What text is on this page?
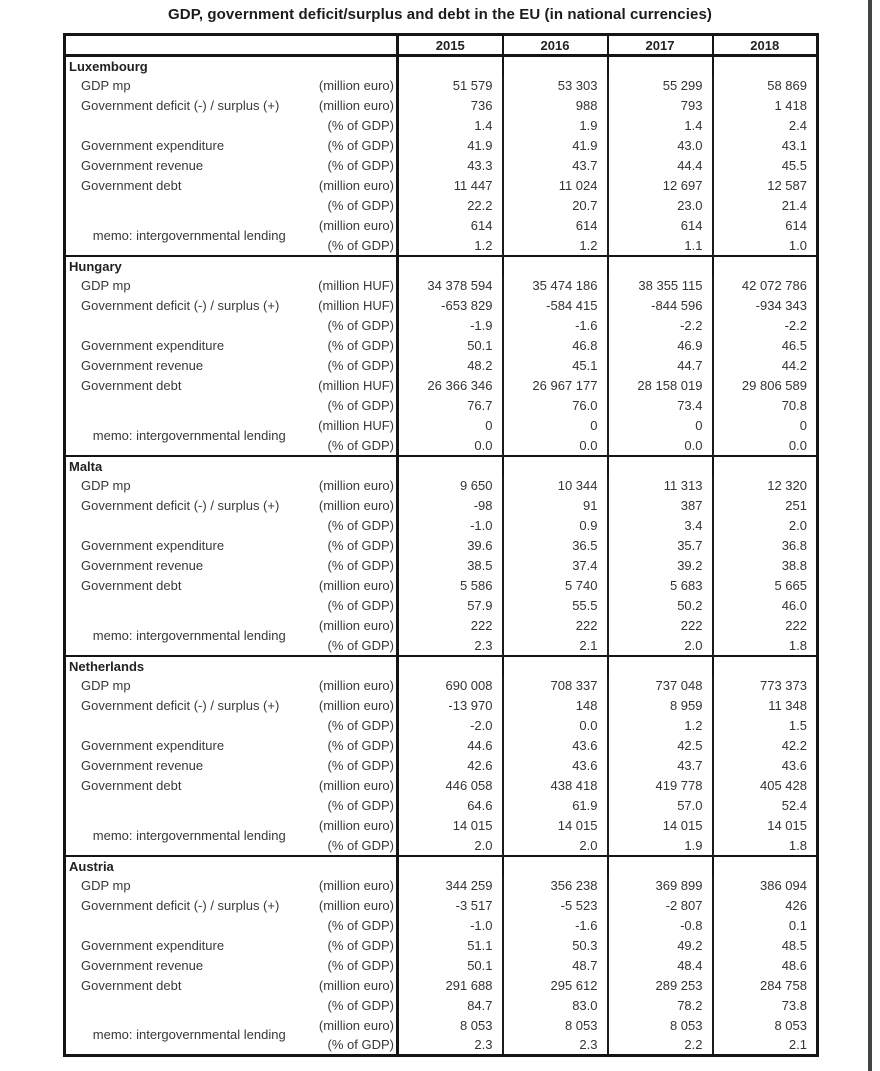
GDP, government deficit/surplus and debt in the EU (in national currencies)
		2015	2016	2017	2018
Luxembourg					
GDP mp	(million euro)	51 579	53 303	55 299	58 869
Government deficit (-) / surplus (+)	(million euro)	736	988	793	1 418
	(% of GDP)	1.4	1.9	1.4	2.4
Government expenditure	(% of GDP)	41.9	41.9	43.0	43.1
Government revenue	(% of GDP)	43.3	43.7	44.4	45.5
Government debt	(million euro)	11 447	11 024	12 697	12 587
	(% of GDP)	22.2	20.7	23.0	21.4
memo: intergovernmental lending	(million euro)	614	614	614	614
	(% of GDP)	1.2	1.2	1.1	1.0
Hungary					
GDP mp	(million HUF)	34 378 594	35 474 186	38 355 115	42 072 786
Government deficit (-) / surplus (+)	(million HUF)	-653 829	-584 415	-844 596	-934 343
	(% of GDP)	-1.9	-1.6	-2.2	-2.2
Government expenditure	(% of GDP)	50.1	46.8	46.9	46.5
Government revenue	(% of GDP)	48.2	45.1	44.7	44.2
Government debt	(million HUF)	26 366 346	26 967 177	28 158 019	29 806 589
	(% of GDP)	76.7	76.0	73.4	70.8
memo: intergovernmental lending	(million HUF)	0	0	0	0
	(% of GDP)	0.0	0.0	0.0	0.0
Malta					
GDP mp	(million euro)	9 650	10 344	11 313	12 320
Government deficit (-) / surplus (+)	(million euro)	-98	91	387	251
	(% of GDP)	-1.0	0.9	3.4	2.0
Government expenditure	(% of GDP)	39.6	36.5	35.7	36.8
Government revenue	(% of GDP)	38.5	37.4	39.2	38.8
Government debt	(million euro)	5 586	5 740	5 683	5 665
	(% of GDP)	57.9	55.5	50.2	46.0
memo: intergovernmental lending	(million euro)	222	222	222	222
	(% of GDP)	2.3	2.1	2.0	1.8
Netherlands					
GDP mp	(million euro)	690 008	708 337	737 048	773 373
Government deficit (-) / surplus (+)	(million euro)	-13 970	148	8 959	11 348
	(% of GDP)	-2.0	0.0	1.2	1.5
Government expenditure	(% of GDP)	44.6	43.6	42.5	42.2
Government revenue	(% of GDP)	42.6	43.6	43.7	43.6
Government debt	(million euro)	446 058	438 418	419 778	405 428
	(% of GDP)	64.6	61.9	57.0	52.4
memo: intergovernmental lending	(million euro)	14 015	14 015	14 015	14 015
	(% of GDP)	2.0	2.0	1.9	1.8
Austria					
GDP mp	(million euro)	344 259	356 238	369 899	386 094
Government deficit (-) / surplus (+)	(million euro)	-3 517	-5 523	-2 807	426
	(% of GDP)	-1.0	-1.6	-0.8	0.1
Government expenditure	(% of GDP)	51.1	50.3	49.2	48.5
Government revenue	(% of GDP)	50.1	48.7	48.4	48.6
Government debt	(million euro)	291 688	295 612	289 253	284 758
	(% of GDP)	84.7	83.0	78.2	73.8
memo: intergovernmental lending	(million euro)	8 053	8 053	8 053	8 053
	(% of GDP)	2.3	2.3	2.2	2.1
